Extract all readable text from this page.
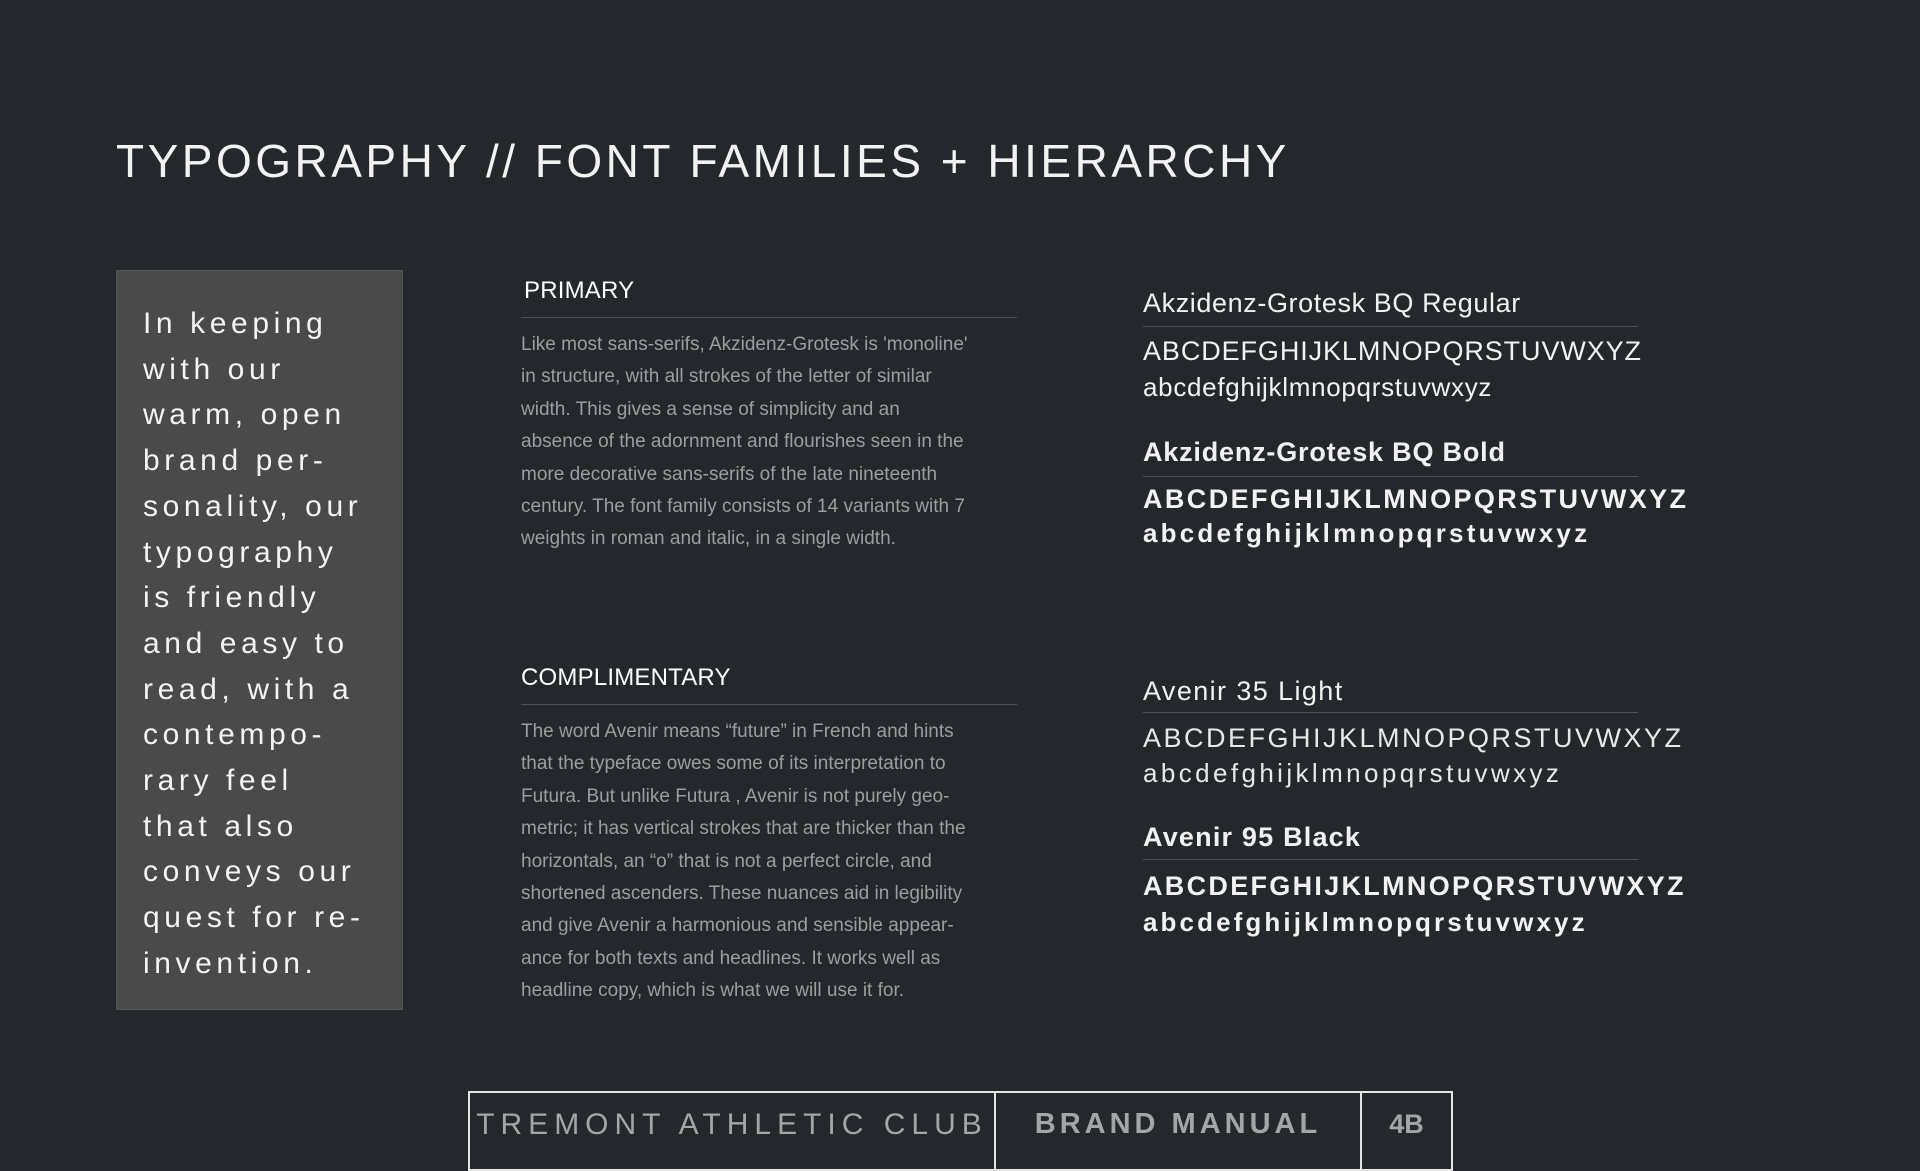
TYPOGRAPHY // FONT FAMILIES + HIERARCHY
In keeping
with our
warm, open
brand per-
sonality, our
typography
is friendly
and easy to
read, with a
contempo-
rary feel
that also
conveys our
quest for re-
invention.
PRIMARY
Like most sans-serifs, Akzidenz-Grotesk is 'monoline'
in structure, with all strokes of the letter of similar
width. This gives a sense of simplicity and an
absence of the adornment and flourishes seen in the
more decorative sans-serifs of the late nineteenth
century. The font family consists of 14 variants with 7
weights in roman and italic, in a single width.
COMPLIMENTARY
The word Avenir means “future” in French and hints
that the typeface owes some of its interpretation to
Futura. But unlike Futura , Avenir is not purely geo-
metric; it has vertical strokes that are thicker than the
horizontals, an “o” that is not a perfect circle, and
shortened ascenders. These nuances aid in legibility
and give Avenir a harmonious and sensible appear-
ance for both texts and headlines. It works well as
headline copy, which is what we will use it for.
Akzidenz-Grotesk BQ Regular
ABCDEFGHIJKLMNOPQRSTUVWXYZ
abcdefghijklmnopqrstuvwxyz
Akzidenz-Grotesk BQ Bold
ABCDEFGHIJKLMNOPQRSTUVWXYZ
abcdefghijklmnopqrstuvwxyz
Avenir 35 Light
ABCDEFGHIJKLMNOPQRSTUVWXYZ
abcdefghijklmnopqrstuvwxyz
Avenir 95 Black
ABCDEFGHIJKLMNOPQRSTUVWXYZ
abcdefghijklmnopqrstuvwxyz
TREMONT ATHLETIC CLUB	BRAND MANUAL	4B
